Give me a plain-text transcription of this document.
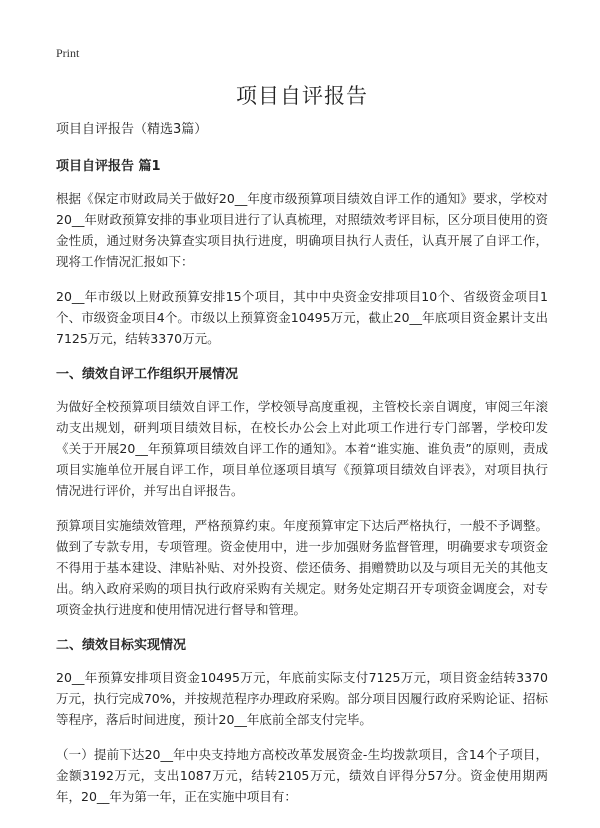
Print
项目自评报告
项目自评报告（精选3篇）
项目自评报告 篇1

根据《保定市财政局关于做好20__年度市级预算项目绩效自评工作的通知》要求，学校对20__年财政预算安排的事业项目进行了认真梳理，对照绩效考评目标，区分项目使用的资金性质，通过财务决算查实项目执行进度，明确项目执行人责任，认真开展了自评工作，现将工作情况汇报如下：

20__年市级以上财政预算安排15个项目，其中中央资金安排项目10个、省级资金项目1个、市级资金项目4个。市级以上预算资金10495万元，截止20__年底项目资金累计支出7125万元，结转3370万元。

一、绩效自评工作组织开展情况

为做好全校预算项目绩效自评工作，学校领导高度重视，主管校长亲自调度，审阅三年滚动支出规划，研判项目绩效目标，在校长办公会上对此项工作进行专门部署，学校印发《关于开展20__年预算项目绩效自评工作的通知》。本着“谁实施、谁负责”的原则，责成项目实施单位开展自评工作，项目单位逐项目填写《预算项目绩效自评表》，对项目执行情况进行评价，并写出自评报告。

预算项目实施绩效管理，严格预算约束。年度预算审定下达后严格执行，一般不予调整。做到了专款专用，专项管理。资金使用中，进一步加强财务监督管理，明确要求专项资金不得用于基本建设、津贴补贴、对外投资、偿还债务、捐赠赞助以及与项目无关的其他支出。纳入政府采购的项目执行政府采购有关规定。财务处定期召开专项资金调度会，对专项资金执行进度和使用情况进行督导和管理。

二、绩效目标实现情况

20__年预算安排项目资金10495万元，年底前实际支付7125万元，项目资金结转3370万元，执行完成70%，并按规范程序办理政府采购。部分项目因履行政府采购论证、招标等程序，落后时间进度，预计20__年底前全部支付完毕。

（一）提前下达20__年中央支持地方高校改革发展资金-生均拨款项目，含14个子项目，金额3192万元，支出1087万元，结转2105万元，绩效自评得分57分。资金使用期两年，20__年为第一年，正在实施中项目有：
